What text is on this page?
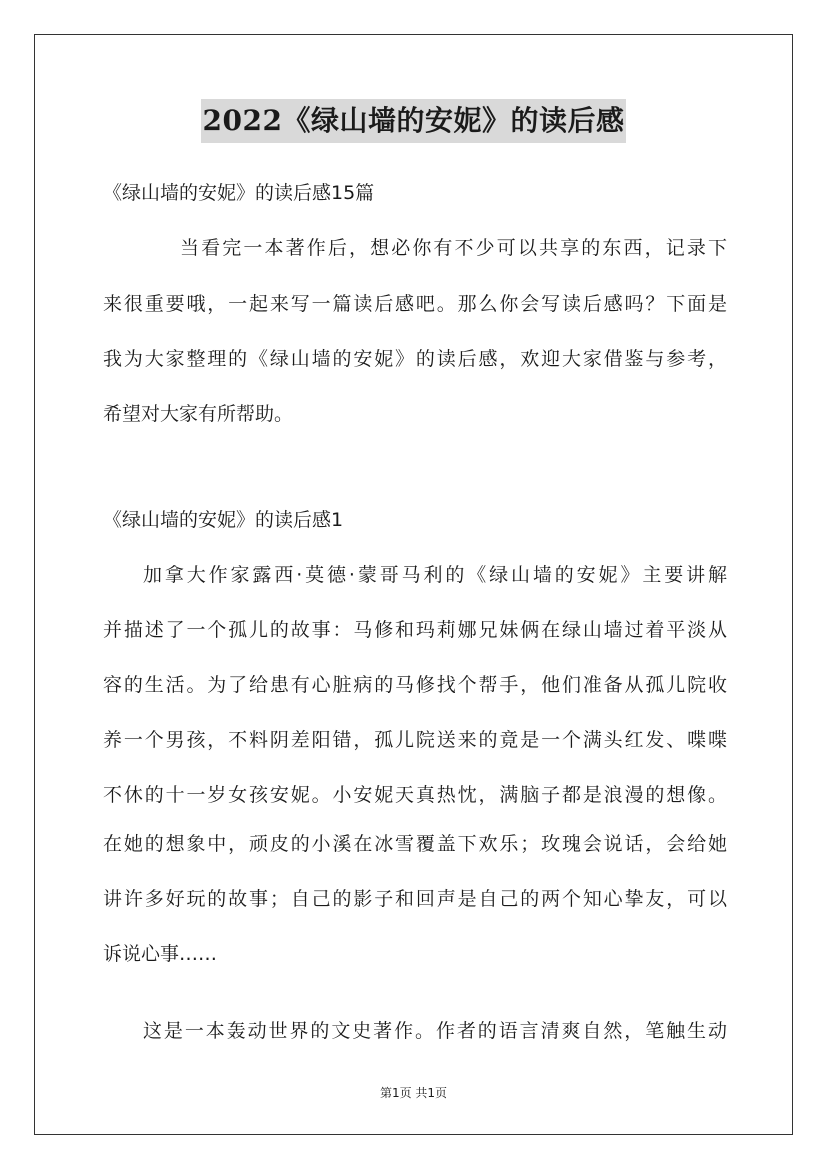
2022《绿山墙的安妮》的读后感
《绿山墙的安妮》的读后感15篇
当看完一本著作后，想必你有不少可以共享的东西，记录下
来很重要哦，一起来写一篇读后感吧。那么你会写读后感吗？下面是
我为大家整理的《绿山墙的安妮》的读后感，欢迎大家借鉴与参考，
希望对大家有所帮助。
《绿山墙的安妮》的读后感1
加拿大作家露西·莫德·蒙哥马利的《绿山墙的安妮》主要讲解
并描述了一个孤儿的故事：马修和玛莉娜兄妹俩在绿山墙过着平淡从
容的生活。为了给患有心脏病的马修找个帮手，他们准备从孤儿院收
养一个男孩，不料阴差阳错，孤儿院送来的竟是一个满头红发、喋喋
不休的十一岁女孩安妮。小安妮天真热忱，满脑子都是浪漫的想像。
在她的想象中，顽皮的小溪在冰雪覆盖下欢乐；玫瑰会说话，会给她
讲许多好玩的故事；自己的影子和回声是自己的两个知心挚友，可以
诉说心事……
这是一本轰动世界的文史著作。作者的语言清爽自然，笔触生动
第1页 共1页
